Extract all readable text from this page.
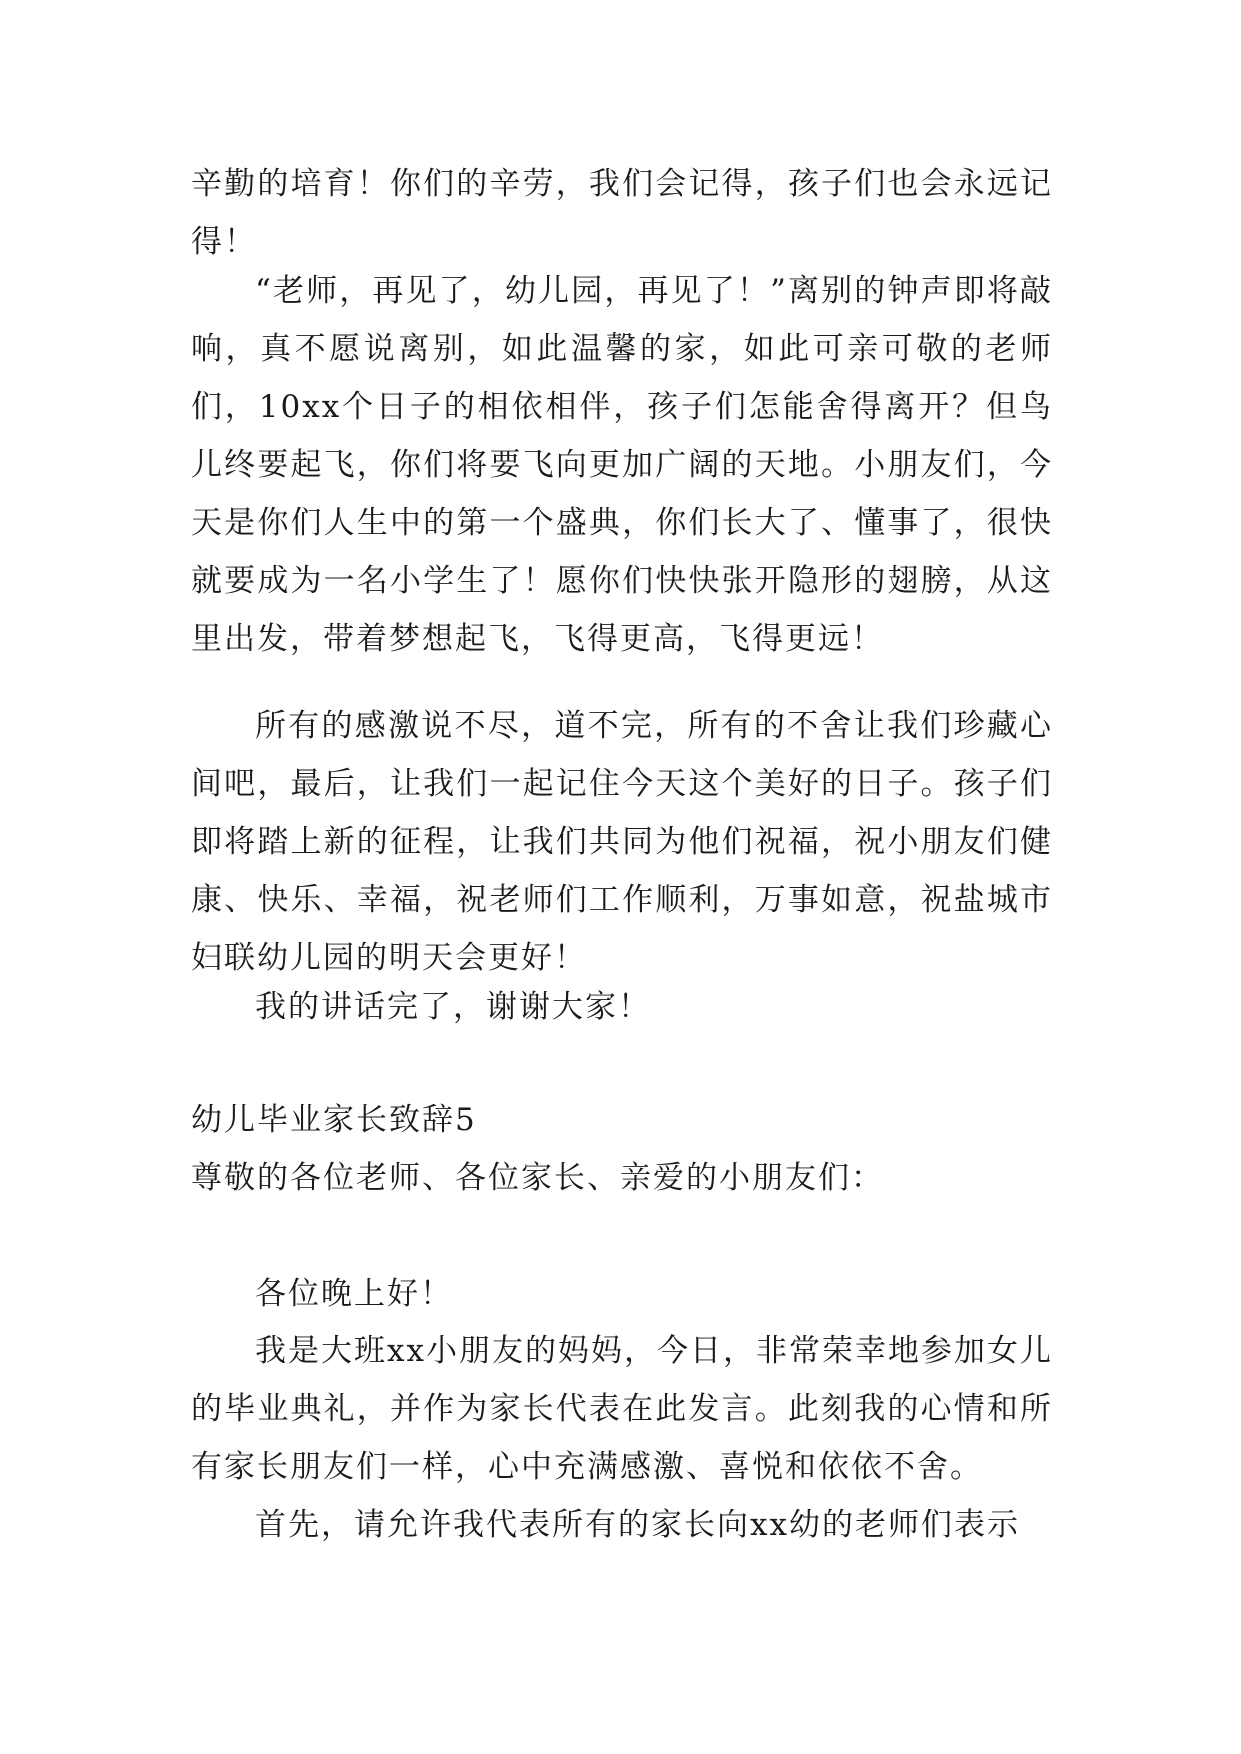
辛勤的培育！你们的辛劳，我们会记得，孩子们也会永远记得！

“老师，再见了，幼儿园，再见了！”离别的钟声即将敲响，真不愿说离别，如此温馨的家，如此可亲可敬的老师们，10xx个日子的相依相伴，孩子们怎能舍得离开？但鸟儿终要起飞，你们将要飞向更加广阔的天地。小朋友们，今天是你们人生中的第一个盛典，你们长大了、懂事了，很快就要成为一名小学生了！愿你们快快张开隐形的翅膀，从这里出发，带着梦想起飞，飞得更高，飞得更远！

所有的感激说不尽，道不完，所有的不舍让我们珍藏心间吧，最后，让我们一起记住今天这个美好的日子。孩子们即将踏上新的征程，让我们共同为他们祝福，祝小朋友们健康、快乐、幸福，祝老师们工作顺利，万事如意，祝盐城市妇联幼儿园的明天会更好！

我的讲话完了，谢谢大家！

幼儿毕业家长致辞5

尊敬的各位老师、各位家长、亲爱的小朋友们：

各位晚上好！

我是大班xx小朋友的妈妈，今日，非常荣幸地参加女儿的毕业典礼，并作为家长代表在此发言。此刻我的心情和所有家长朋友们一样，心中充满感激、喜悦和依依不舍。

首先，请允许我代表所有的家长向xx幼的老师们表示
